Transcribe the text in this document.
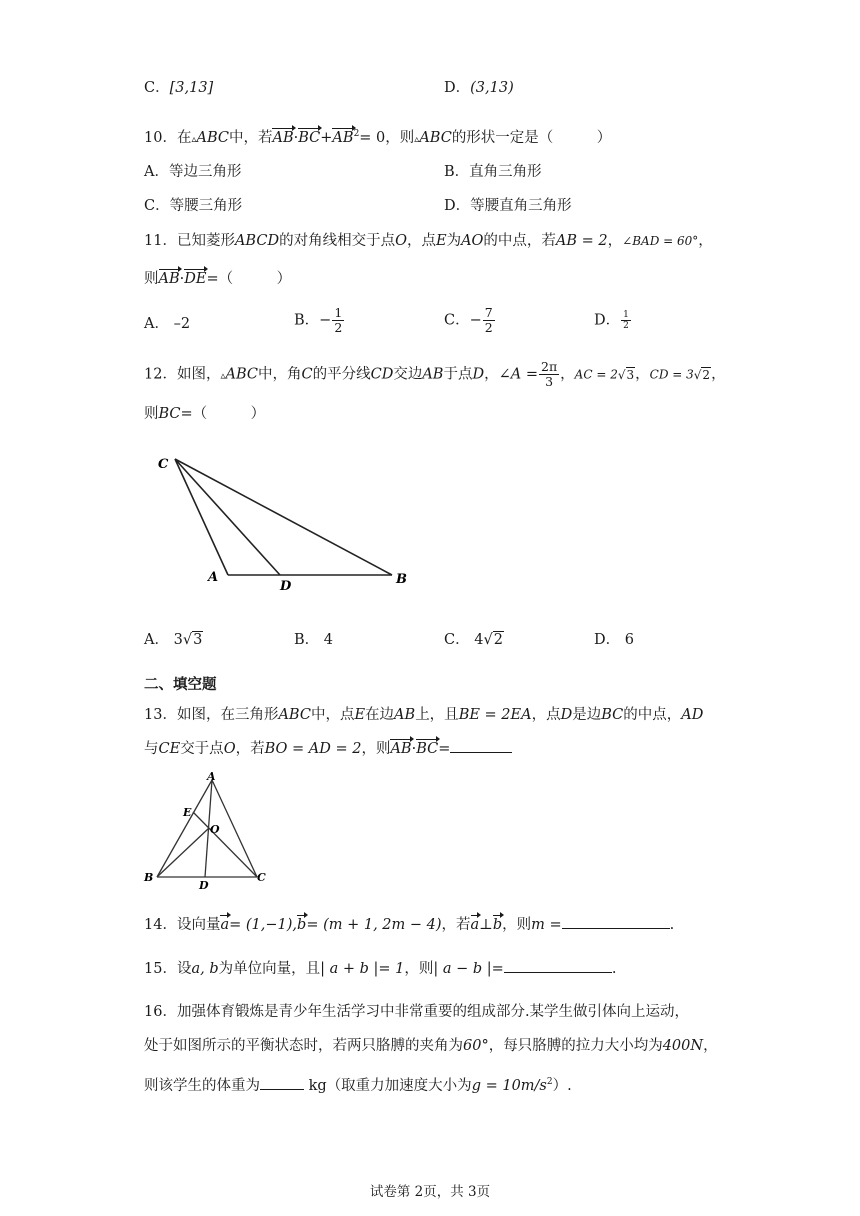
C．[3,13]	D．(3,13)
10．在▵ABC中，若$AB\cdot BC+AB^2= 0$，则▵ABC的形状一定是（　　　）
A．等边三角形	B．直角三角形
C．等腰三角形	D．等腰直角三角形
11．已知菱形ABCD的对角线相交于点O，点E为AO的中点，若AB = 2，∠BAD = 60°，
则AB·DE=（　　　）
A． –2	B．− $\frac{1}{2}$	C．− $\frac{7}{2}$	D． $\frac{1}{2}$
12．如图，▵ABC中，角C的平分线CD交边AB于点D，∠A = $\frac{2\pi}{3}$ ，AC = 2√3，CD = 3√2，
则BC=（　　　）
C
A
D	B
A． 3√3	B． 4	C． 4√2	D． 6
二、填空题
13．如图，在三角形ABC中，点E在边AB上，且BE = 2EA，点D是边BC的中点，AD
与CE交于点O，若BO = AD = 2，则AB·BC=
A
E
O
B
D
C
14．设向量a= (1,−1),b= (m + 1, 2m − 4)，若a⊥b，则m =	.
15．设a, b为单位向量，且| a + b |= 1，则| a − b |=	.
16．加强体育锻炼是青少年生活学习中非常重要的组成部分.某学生做引体向上运动，
处于如图所示的平衡状态时，若两只胳膊的夹角为60°，每只胳膊的拉力大小均为400N，
则该学生的体重为	kg（取重力加速度大小为$g = 10m/s^2$）.
试卷第 2页，共 3页
